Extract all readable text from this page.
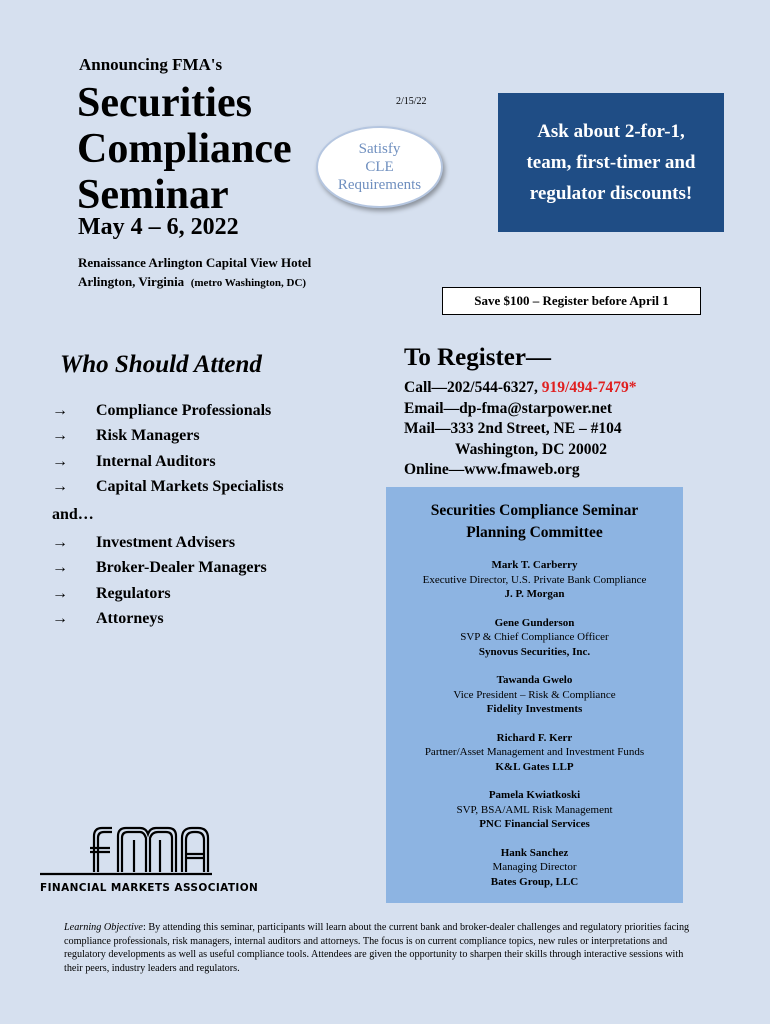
Announcing FMA's
Securities
Compliance
Seminar
May 4 – 6, 2022
Renaissance Arlington Capital View Hotel
Arlington, Virginia (metro Washington, DC)
2/15/22
Satisfy
CLE
Requirements
Ask about 2-for-1,
team, first-timer and
regulator discounts!
Save $100 – Register before April 1
Who Should Attend
→	Compliance Professionals
→	Risk Managers
→	Internal Auditors
→	Capital Markets Specialists
and…
→	Investment Advisers
→	Broker-Dealer Managers
→	Regulators
→	Attorneys
To Register—
Call—202/544-6327, 919/494-7479*
Email—dp-fma@starpower.net
Mail—333 2nd Street, NE – #104
Washington, DC 20002
Online—www.fmaweb.org
Securities Compliance Seminar
Planning Committee
Mark T. Carberry
Executive Director, U.S. Private Bank Compliance
J. P. Morgan
Gene Gunderson
SVP & Chief Compliance Officer
Synovus Securities, Inc.
Tawanda Gwelo
Vice President – Risk & Compliance
Fidelity Investments
Richard F. Kerr
Partner/Asset Management and Investment Funds
K&L Gates LLP
Pamela Kwiatkoski
SVP, BSA/AML Risk Management
PNC Financial Services
Hank Sanchez
Managing Director
Bates Group, LLC
FINANCIAL MARKETS ASSOCIATION
Learning Objective: By attending this seminar, participants will learn about the current bank and broker-dealer challenges and regulatory priorities facing compliance professionals, risk managers, internal auditors and attorneys. The focus is on current compliance topics, new rules or interpretations and regulatory developments as well as useful compliance tools. Attendees are given the opportunity to sharpen their skills through interactive sessions with their peers, industry leaders and regulators.
